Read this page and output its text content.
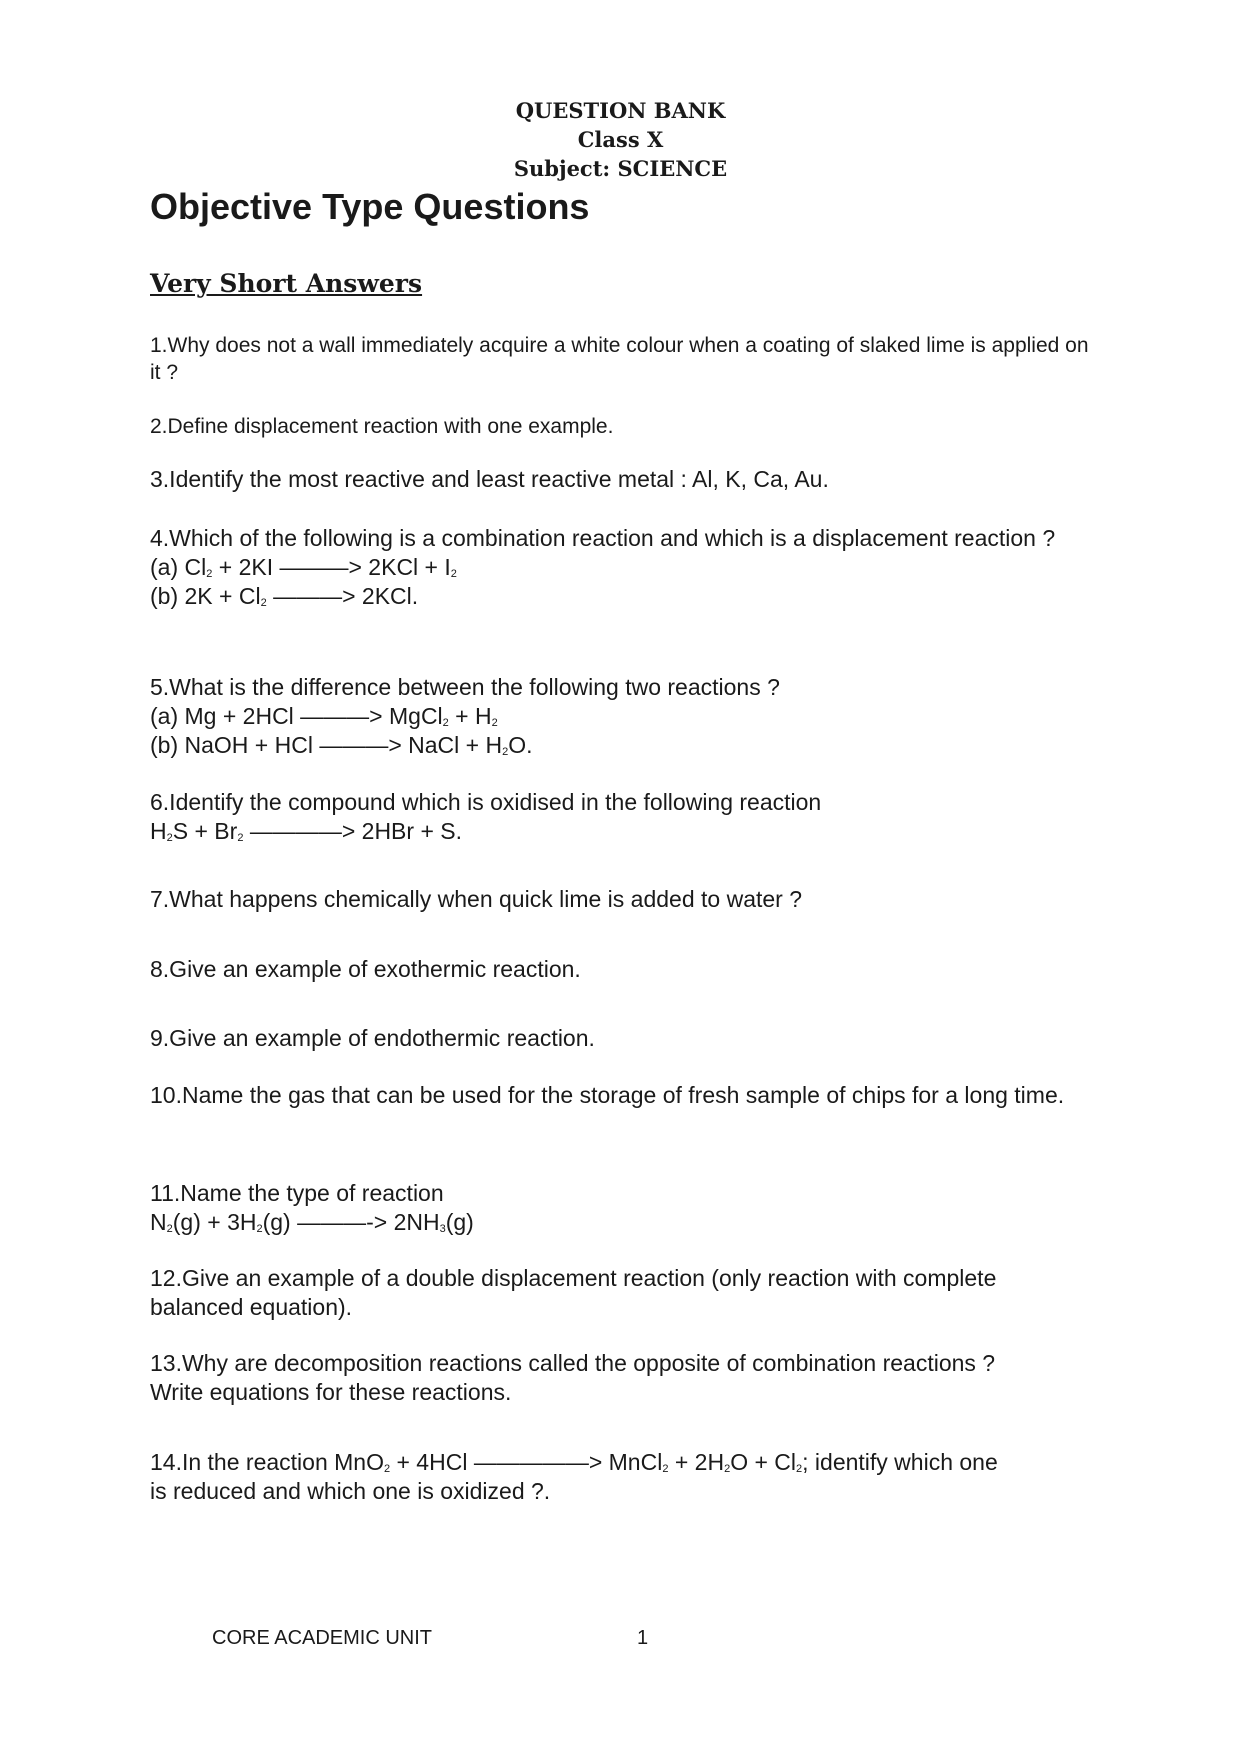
QUESTION BANK
Class X
Subject: SCIENCE
Objective Type Questions
Very Short Answers
1.Why does not a wall immediately acquire a white colour when a coating of slaked lime is applied on it ?
2.Define displacement reaction with one example.
3.Identify the most reactive and least reactive metal : Al, K, Ca, Au.
4.Which of the following is a combination reaction and which is a displacement reaction ?
(a) $Cl_2 + 2KI$ ———> $2KCl + I_2$
(b) $2K + Cl_2$ ———> 2KCl.
5.What is the difference between the following two reactions ?
(a) Mg + 2HCl ———> MgCl$_2$ + $H_2$
(b) NaOH + HCl ———> NaCl + $H_2O$.
6.Identify the compound which is oxidised in the following reaction
$H_2S + Br_2$ ————> 2HBr + S.
7.What happens chemically when quick lime is added to water ?
8.Give an example of exothermic reaction.
9.Give an example of endothermic reaction.
10.Name the gas that can be used for the storage of fresh sample of chips for a long time.
11.Name the type of reaction
$N_2(g) + 3H_2(g)$ ———-> $2NH_3(g)$
12.Give an example of a double displacement reaction (only reaction with complete balanced equation).
13.Why are decomposition reactions called the opposite of combination reactions ?
Write equations for these reactions.
14.In the reaction MnO$_2$ + 4HCl —————> MnCl$_2$ + $2H_2O + Cl_2$; identify which one
is reduced and which one is oxidized ?.
CORE ACADEMIC UNIT	1
